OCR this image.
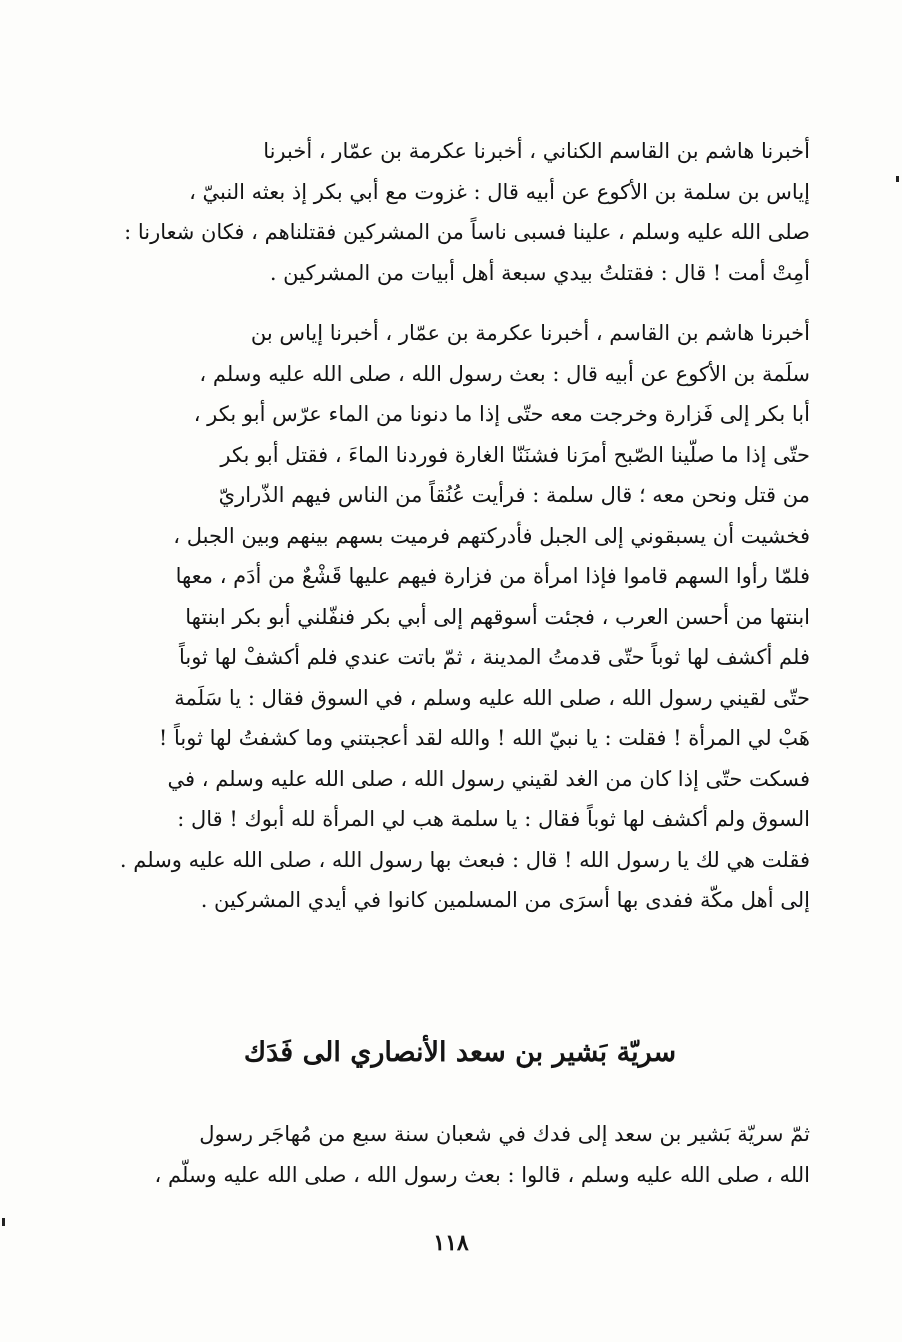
أخبرنا هاشم بن القاسم الكناني ، أخبرنا عكرمة بن عمّار ، أخبرنا
إياس بن سلمة بن الأكوع عن أبيه قال : غزوت مع أبي بكر إذ بعثه النبيّ ،
صلى الله عليه وسلم ، علينا فسبى ناساً من المشركين فقتلناهم ، فكان شعارنا :
أمِتْ أمت ! قال : فقتلتُ بيدي سبعة أهل أبيات من المشركين .
أخبرنا هاشم بن القاسم ، أخبرنا عكرمة بن عمّار ، أخبرنا إياس بن
سلَمة بن الأكوع عن أبيه قال : بعث رسول الله ، صلى الله عليه وسلم ،
أبا بكر إلى فَزارة وخرجت معه حتّى إذا ما دنونا من الماء عرّس أبو بكر ،
حتّى إذا ما صلّينا الصّبح أمرَنا فشنَنّا الغارة فوردنا الماءَ ، فقتل أبو بكر
من قتل ونحن معه ؛ قال سلمة : فرأيت عُنُقاً من الناس فيهم الذّراريّ
فخشيت أن يسبقوني إلى الجبل فأدركتهم فرميت بسهم بينهم وبين الجبل ،
فلمّا رأوا السهم قاموا فإذا امرأة من فزارة فيهم عليها قَشْعٌ من أدَم ، معها
ابنتها من أحسن العرب ، فجئت أسوقهم إلى أبي بكر فنفّلني أبو بكر ابنتها
فلم أكشف لها ثوباً حتّى قدمتُ المدينة ، ثمّ باتت عندي فلم أكشفْ لها ثوباً
حتّى لقيني رسول الله ، صلى الله عليه وسلم ، في السوق فقال : يا سَلَمة
هَبْ لي المرأة ! فقلت : يا نبيّ الله ! والله لقد أعجبتني وما كشفتُ لها ثوباً !
فسكت حتّى إذا كان من الغد لقيني رسول الله ، صلى الله عليه وسلم ، في
السوق ولم أكشف لها ثوباً فقال : يا سلمة هب لي المرأة لله أبوك ! قال :
فقلت هي لك يا رسول الله ! قال : فبعث بها رسول الله ، صلى الله عليه وسلم .
إلى أهل مكّة ففدى بها أسرَى من المسلمين كانوا في أيدي المشركين .
سريّة بَشير بن سعد الأنصاري الى فَدَك
ثمّ سريّة بَشير بن سعد إلى فدك في شعبان سنة سبع من مُهاجَر رسول
الله ، صلى الله عليه وسلم ، قالوا : بعث رسول الله ، صلى الله عليه وسلّم ،
١١٨
